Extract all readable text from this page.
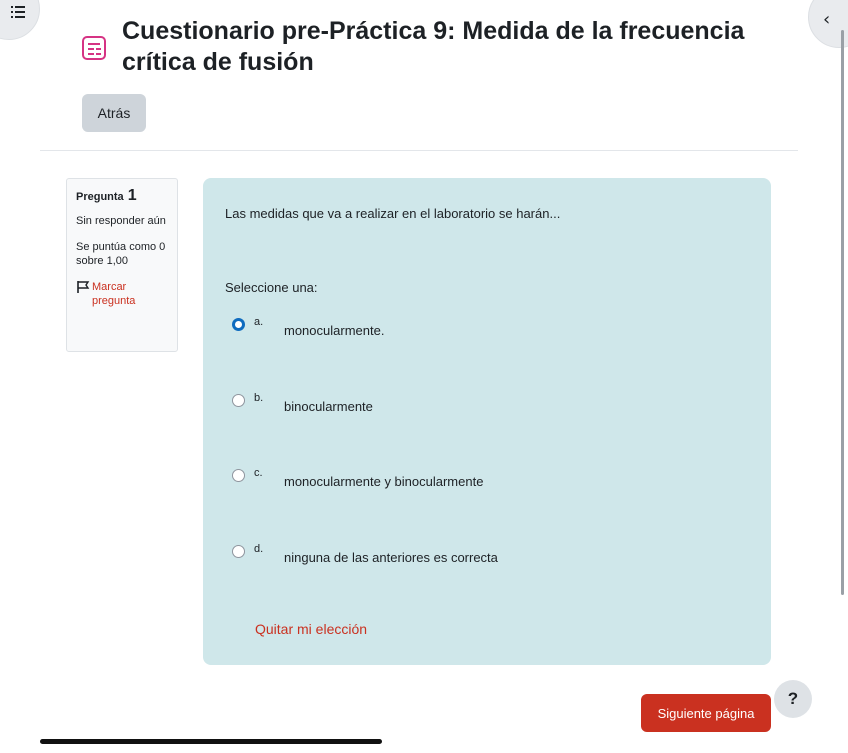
‹
Cuestionario pre-Práctica 9: Medida de la frecuencia crítica de fusión
Atrás
Pregunta 1
Sin responder aún
Se puntúa como 0 sobre 1,00
Marcar pregunta
Las medidas que va a realizar en el laboratorio se harán...
Seleccione una:
a.
monocularmente.
b.
binocularmente
c.
monocularmente y binocularmente
d.
ninguna de las anteriores es correcta
Quitar mi elección
Siguiente página
?
